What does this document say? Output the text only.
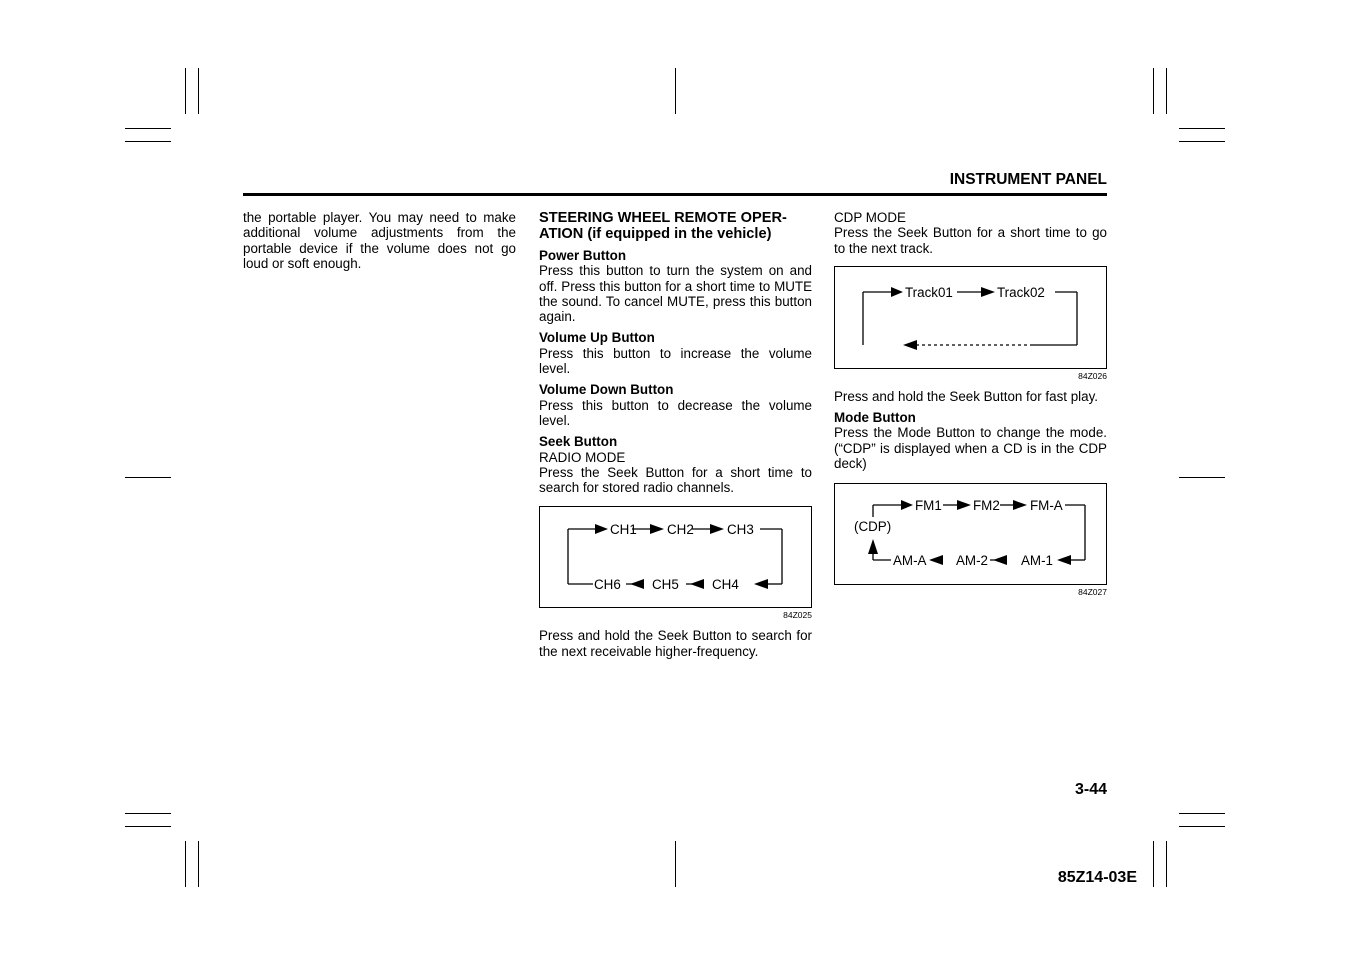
INSTRUMENT PANEL

the portable player. You may need to make additional volume adjustments from the portable device if the volume does not go loud or soft enough.

STEERING WHEEL REMOTE OPER-ATION (if equipped in the vehicle)
Power Button

Press this button to turn the system on and off. Press this button for a short time to MUTE the sound. To cancel MUTE, press this button again.

Volume Up Button

Press this button to increase the volume level.

Volume Down Button

Press this button to decrease the volume level.

Seek Button
RADIO MODE

Press the Seek Button for a short time to search for stored radio channels.

CH1 CH2 CH3
CH6 CH5 CH4
84Z025

Press and hold the Seek Button to search for the next receivable higher-frequency.

CDP MODE

Press the Seek Button for a short time to go to the next track.

Track01	Track02
84Z026

Press and hold the Seek Button for fast play.

Mode Button

Press the Mode Button to change the mode. (“CDP” is displayed when a CD is in the CDP deck)

FM1 FM2 FM-A
AM-A AM-2 AM-1
(CDP)
84Z027
3-44
85Z14-03E
